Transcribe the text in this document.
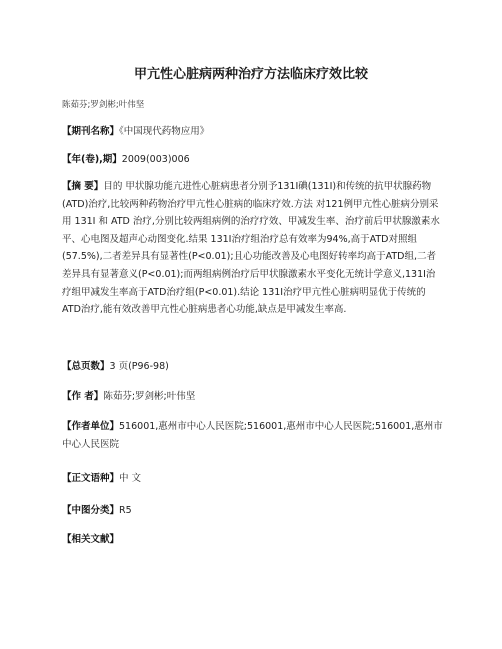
甲亢性心脏病两种治疗方法临床疗效比较
陈茹芬;罗剑彬;叶伟坚
【期刊名称】《中国现代药物应用》
【年(卷),期】2009(003)006
【摘 要】目的 甲状腺功能亢进性心脏病患者分别予131I碘(131I)和传统的抗甲状腺药物(ATD)治疗,比较两种药物治疗甲亢性心脏病的临床疗效.方法 对121例甲亢性心脏病分别采用 131I 和 ATD 治疗,分别比较两组病例的治疗疗效、甲减发生率、治疗前后甲状腺激素水平、心电图及超声心动图变化.结果 131I治疗组治疗总有效率为94%,高于ATD对照组(57.5%),二者差异具有显著性(P<0.01);且心功能改善及心电图好转率均高于ATD组,二者差异具有显著意义(P<0.01);而两组病例治疗后甲状腺激素水平变化无统计学意义,131I治疗组甲减发生率高于ATD治疗组(P<0.01).结论 131I治疗甲亢性心脏病明显优于传统的ATD治疗,能有效改善甲亢性心脏病患者心功能,缺点是甲减发生率高.
【总页数】3 页(P96-98)
【作 者】陈茹芬;罗剑彬;叶伟坚
【作者单位】516001,惠州市中心人民医院;516001,惠州市中心人民医院;516001,惠州市中心人民医院
【正文语种】中 文
【中图分类】R5
【相关文献】
